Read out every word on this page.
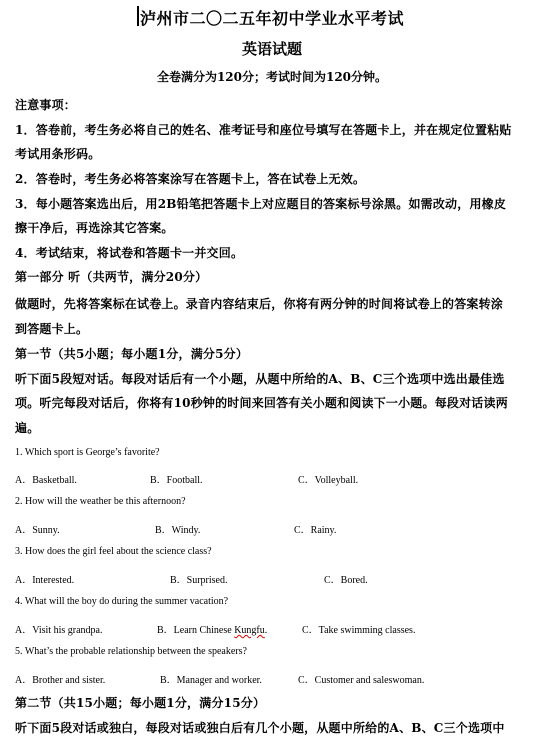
泸州市二〇二五年初中学业水平考试
英语试题
全卷满分为120分；考试时间为120分钟。
注意事项：
1．答卷前，考生务必将自己的姓名、准考证号和座位号填写在答题卡上，并在规定位置粘贴
考试用条形码。
2．答卷时，考生务必将答案涂写在答题卡上，答在试卷上无效。
3．每小题答案选出后，用2B铅笔把答题卡上对应题目的答案标号涂黑。如需改动，用橡皮
擦干净后，再选涂其它答案。
4．考试结束，将试卷和答题卡一并交回。
第一部分 听（共两节，满分20分）
做题时，先将答案标在试卷上。录音内容结束后，你将有两分钟的时间将试卷上的答案转涂
到答题卡上。
第一节（共5小题；每小题1分，满分5分）
听下面5段短对话。每段对话后有一个小题，从题中所给的A、B、C三个选项中选出最佳选
项。听完每段对话后，你将有10秒钟的时间来回答有关小题和阅读下一小题。每段对话读两
遍。
1. Which sport is George’s favorite?
A．Basketball.	B．Football.	C．Volleyball.
2. How will the weather be this afternoon?
A．Sunny.	B．Windy.	C．Rainy.
3. How does the girl feel about the science class?
A．Interested.	B．Surprised.	C．Bored.
4. What will the boy do during the summer vacation?
A．Visit his grandpa.	B．Learn Chinese Kungfu.	C．Take swimming classes.
5. What’s the probable relationship between the speakers?
A．Brother and sister.	B．Manager and worker.	C．Customer and saleswoman.
第二节（共15小题；每小题1分，满分15分）
听下面5段对话或独白，每段对话或独白后有几个小题，从题中所给的A、B、C三个选项中
